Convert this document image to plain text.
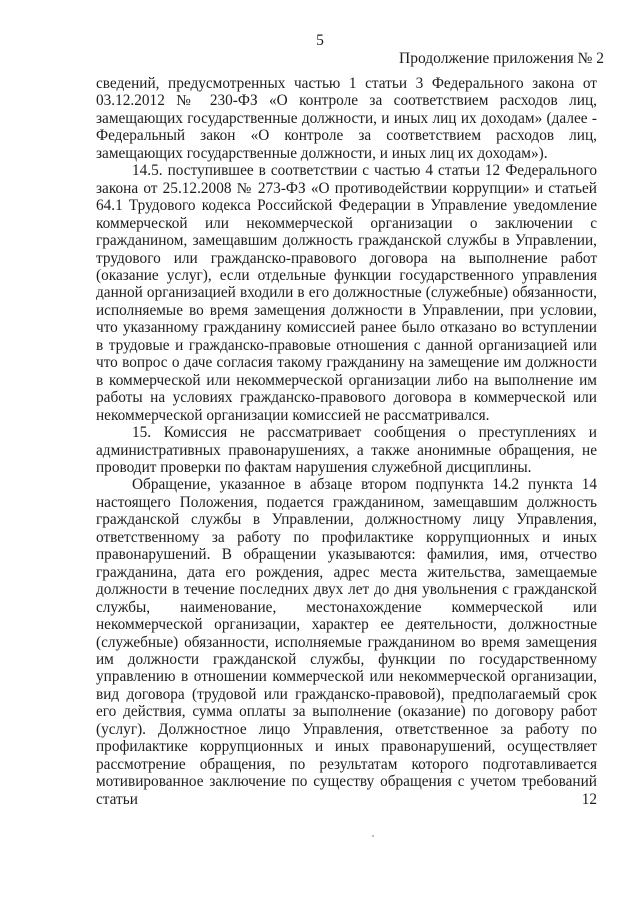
5
Продолжение приложения № 2

сведений, предусмотренных частью 1 статьи 3 Федерального закона от 03.12.2012 № 230-ФЗ «О контроле за соответствием расходов лиц, замещающих государственные должности, и иных лиц их доходам» (далее - Федеральный закон «О контроле за соответствием расходов лиц, замещающих государственные должности, и иных лиц их доходам»).

14.5. поступившее в соответствии с частью 4 статьи 12 Федерального закона от 25.12.2008 № 273-ФЗ «О противодействии коррупции» и статьей 64.1 Трудового кодекса Российской Федерации в Управление уведомление коммерческой или некоммерческой организации о заключении с гражданином, замещавшим должность гражданской службы в Управлении, трудового или гражданско-правового договора на выполнение работ (оказание услуг), если отдельные функции государственного управления данной организацией входили в его должностные (служебные) обязанности, исполняемые во время замещения должности в Управлении, при условии, что указанному гражданину комиссией ранее было отказано во вступлении в трудовые и гражданско-правовые отношения с данной организацией или что вопрос о даче согласия такому гражданину на замещение им должности в коммерческой или некоммерческой организации либо на выполнение им работы на условиях гражданско-правового договора в коммерческой или некоммерческой организации комиссией не рассматривался.

15. Комиссия не рассматривает сообщения о преступлениях и административных правонарушениях, а также анонимные обращения, не проводит проверки по фактам нарушения служебной дисциплины.

Обращение, указанное в абзаце втором подпункта 14.2 пункта 14 настоящего Положения, подается гражданином, замещавшим должность гражданской службы в Управлении, должностному лицу Управления, ответственному за работу по профилактике коррупционных и иных правонарушений. В обращении указываются: фамилия, имя, отчество гражданина, дата его рождения, адрес места жительства, замещаемые должности в течение последних двух лет до дня увольнения с гражданской службы, наименование, местонахождение коммерческой или некоммерческой организации, характер ее деятельности, должностные (служебные) обязанности, исполняемые гражданином во время замещения им должности гражданской службы, функции по государственному управлению в отношении коммерческой или некоммерческой организации, вид договора (трудовой или гражданско-правовой), предполагаемый срок его действия, сумма оплаты за выполнение (оказание) по договору работ (услуг). Должностное лицо Управления, ответственное за работу по профилактике коррупционных и иных правонарушений, осуществляет рассмотрение обращения, по результатам которого подготавливается мотивированное заключение по существу обращения с учетом требований статьи 12
